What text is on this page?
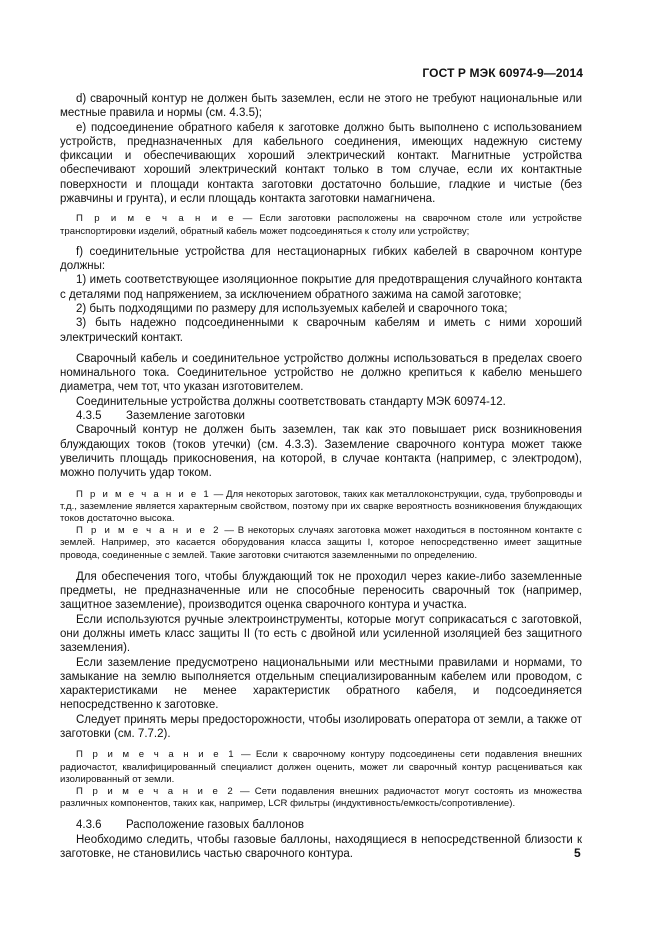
ГОСТ Р МЭК 60974-9—2014

d) сварочный контур не должен быть заземлен, если не этого не требуют национальные или местные правила и нормы (см. 4.3.5);

e) подсоединение обратного кабеля к заготовке должно быть выполнено с использованием устройств, предназначенных для кабельного соединения, имеющих надежную систему фиксации и обеспечивающих хороший электрический контакт. Магнитные устройства обеспечивают хороший электрический контакт только в том случае, если их контактные поверхности и площади контакта заготовки достаточно большие, гладкие и чистые (без ржавчины и грунта), и если площадь контакта заготовки намагничена.

П р и м е ч а н и е — Если заготовки расположены на сварочном столе или устройстве транспортировки изделий, обратный кабель может подсоединяться к столу или устройству;

f) соединительные устройства для нестационарных гибких кабелей в сварочном контуре должны:

1) иметь соответствующее изоляционное покрытие для предотвращения случайного контакта с деталями под напряжением, за исключением обратного зажима на самой заготовке;

2) быть подходящими по размеру для используемых кабелей и сварочного тока;

3) быть надежно подсоединенными к сварочным кабелям и иметь с ними хороший электрический контакт.

Сварочный кабель и соединительное устройство должны использоваться в пределах своего номинального тока. Соединительное устройство не должно крепиться к кабелю меньшего диаметра, чем тот, что указан изготовителем.

Соединительные устройства должны соответствовать стандарту МЭК 60974-12.

4.3.5 Заземление заготовки

Сварочный контур не должен быть заземлен, так как это повышает риск возникновения блуждающих токов (токов утечки) (см. 4.3.3). Заземление сварочного контура может также увеличить площадь прикосновения, на которой, в случае контакта (например, с электродом), можно получить удар током.

П р и м е ч а н и е 1 — Для некоторых заготовок, таких как металлоконструкции, суда, трубопроводы и т.д., заземление является характерным свойством, поэтому при их сварке вероятность возникновения блуждающих токов достаточно высока.

П р и м е ч а н и е 2 — В некоторых случаях заготовка может находиться в постоянном контакте с землей. Например, это касается оборудования класса защиты I, которое непосредственно имеет защитные провода, соединенные с землей. Такие заготовки считаются заземленными по определению.

Для обеспечения того, чтобы блуждающий ток не проходил через какие-либо заземленные предметы, не предназначенные или не способные переносить сварочный ток (например, защитное заземление), производится оценка сварочного контура и участка.

Если используются ручные электроинструменты, которые могут соприкасаться с заготовкой, они должны иметь класс защиты II (то есть с двойной или усиленной изоляцией без защитного заземления).

Если заземление предусмотрено национальными или местными правилами и нормами, то замыкание на землю выполняется отдельным специализированным кабелем или проводом, с характеристиками не менее характеристик обратного кабеля, и подсоединяется непосредственно к заготовке.

Следует принять меры предосторожности, чтобы изолировать оператора от земли, а также от заготовки (см. 7.7.2).

П р и м е ч а н и е 1 — Если к сварочному контуру подсоединены сети подавления внешних радиочастот, квалифицированный специалист должен оценить, может ли сварочный контур расцениваться как изолированный от земли.

П р и м е ч а н и е 2 — Сети подавления внешних радиочастот могут состоять из множества различных компонентов, таких как, например, LCR фильтры (индуктивность/емкость/сопротивление).

4.3.6 Расположение газовых баллонов

Необходимо следить, чтобы газовые баллоны, находящиеся в непосредственной близости к заготовке, не становились частью сварочного контура.	5
